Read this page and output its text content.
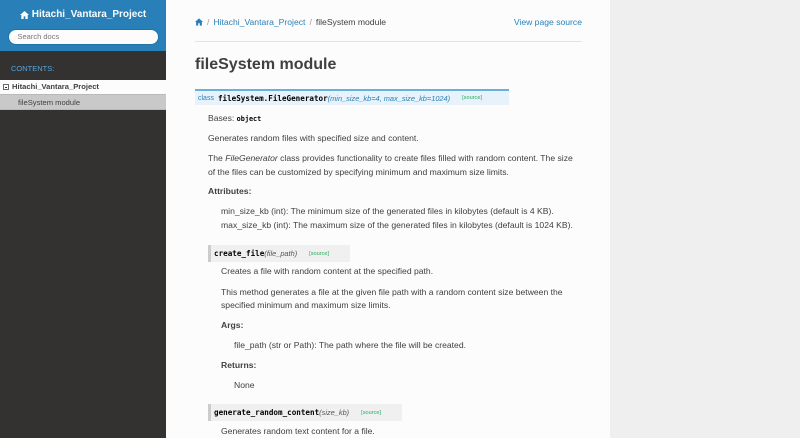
Hitachi_Vantara_Project
Search docs
CONTENTS:
Hitachi_Vantara_Project
fileSystem module
/ Hitachi_Vantara_Project / fileSystem module	View page source
fileSystem module
class fileSystem.FileGenerator (min_size_kb=4, max_size_kb=1024) [source]
Bases: object
Generates random files with specified size and content.
The FileGenerator class provides functionality to create files filled with random content. The size
of the files can be customized by specifying minimum and maximum size limits.
Attributes:
min_size_kb (int): The minimum size of the generated files in kilobytes (default is 4 KB).
max_size_kb (int): The maximum size of the generated files in kilobytes (default is 1024 KB).
create_file (file_path) [source]
Creates a file with random content at the specified path.
This method generates a file at the given file path with a random content size between the
specified minimum and maximum size limits.
Args:
file_path (str or Path): The path where the file will be created.
Returns:
None
generate_random_content (size_kb) [source]
Generates random text content for a file.
